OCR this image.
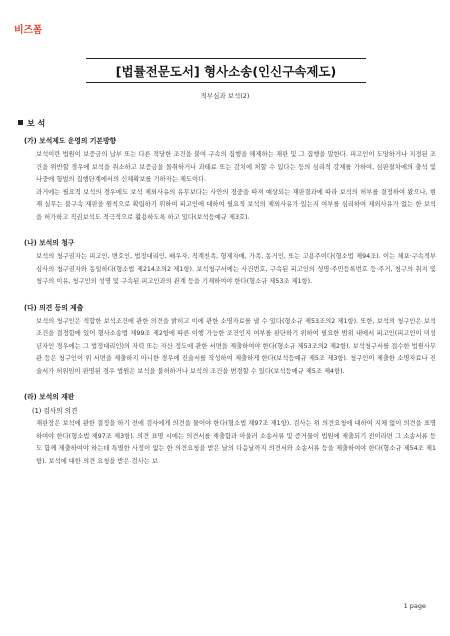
비즈폼
[법률전문도서] 형사소송(인신구속제도)
적부심과 보석(2)
보 석
(가) 보석제도 운영의 기본방향
보석이란 법원이 보증금의 납부 또는 다른 적당한 조건을 붙여 구속의 집행을 해제하는 재판 및 그 집행을 말한다. 피고인이 도망하거나 지정된 조건을 위반할 경우에 보석을 취소하고 보증금을 몰취하거나 과태료 또는 감치에 처할 수 있다는 등의 심리적 강제를 가하여, 심판절차에의 출석 및 나중에 형벌의 집행단계에서의 신체확보를 기하자는 제도이다.
과거에는 필요적 보석의 경우에도 보석 제외사유의 유무보다는 사안의 경중을 따져 예상되는 재판결과에 따라 보석의 허부를 결정하여 왔으나, 현재 실무는 불구속 재판을 원칙으로 확립하기 위하여 피고인에 대하여 필요적 보석의 제외사유가 있는지 여부를 심리하여 제외사유가 없는 한 보석을 허가하고 직권보석도 적극적으로 활용하도록 하고 있다(보석등예규 제3호).
(나) 보석의 청구
보석의 청구권자는 피고인, 변호인, 법정대리인, 배우자, 직계친족, 형제자매, 가족, 동거인, 또는 고용주이다(형소법 제94조). 이는 체포·구속적부심사의 청구권자와 동일하다(형소법 제214조의2 제1항). 보석청구서에는 사건번호, 구속된 피고인의 성명·주민등록번호 등·주거, 청구의 취지 및 청구의 이유, 청구인의 성명 및 구속된 피고인과의 관계 등을 기재하여야 한다(형소규 제53조 제1항).
(다) 의견 등의 제출
보석의 청구인은 적합한 보석조건에 관한 의견을 밝히고 이에 관한 소명자료를 낼 수 있다(형소규 제53조의2 제1항). 또한, 보석의 청구인은 보석조건을 결정함에 있어 형사소송법 제99조 제2항에 따른 이행 가능한 조건인지 여부를 판단하기 위하여 필요한 범위 내에서 피고인(피고인이 미성년자인 경우에는 그 법정대리인)의 자력 또는 자산 정도에 관한 서면을 제출하여야 한다(형소규 제53조의2 제2항). 보석청구서를 접수한 법원사무관 등은 청구인이 위 서면을 제출하지 아니한 경우에 진술서를 작성하여 제출하게 한다(보석등예규 제5조 제3항). 청구인이 제출한 소명자료나 진술서가 허위임이 판명된 경우 법원은 보석을 불허하거나 보석의 조건을 변경할 수 있다(보석등예규 제5조 제4항).
(라) 보석의 재판
(1) 검사의 의견
재판장은 보석에 관한 결정을 하기 전에 검사에게 의견을 물어야 한다(형소법 제97조 제1항). 검사는 위 의견요청에 대하여 지체 없이 의견을 표명하여야 한다(형소법 제97조 제3항). 의견 표명 시에는 의견서를 제출함과 아울러 소송서류 및 증거물이 법원에 제출되기 전이라면 그 소송서류 등도 함께 제출하여야 하는데 특별한 사정이 없는 한 의견요청을 받은 날의 다음날까지 의견서와 소송서류 등을 제출하여야 한다(형소규 제54조 제1항). 보석에 대한 의견 요청을 받은 검사는 보
1 page
